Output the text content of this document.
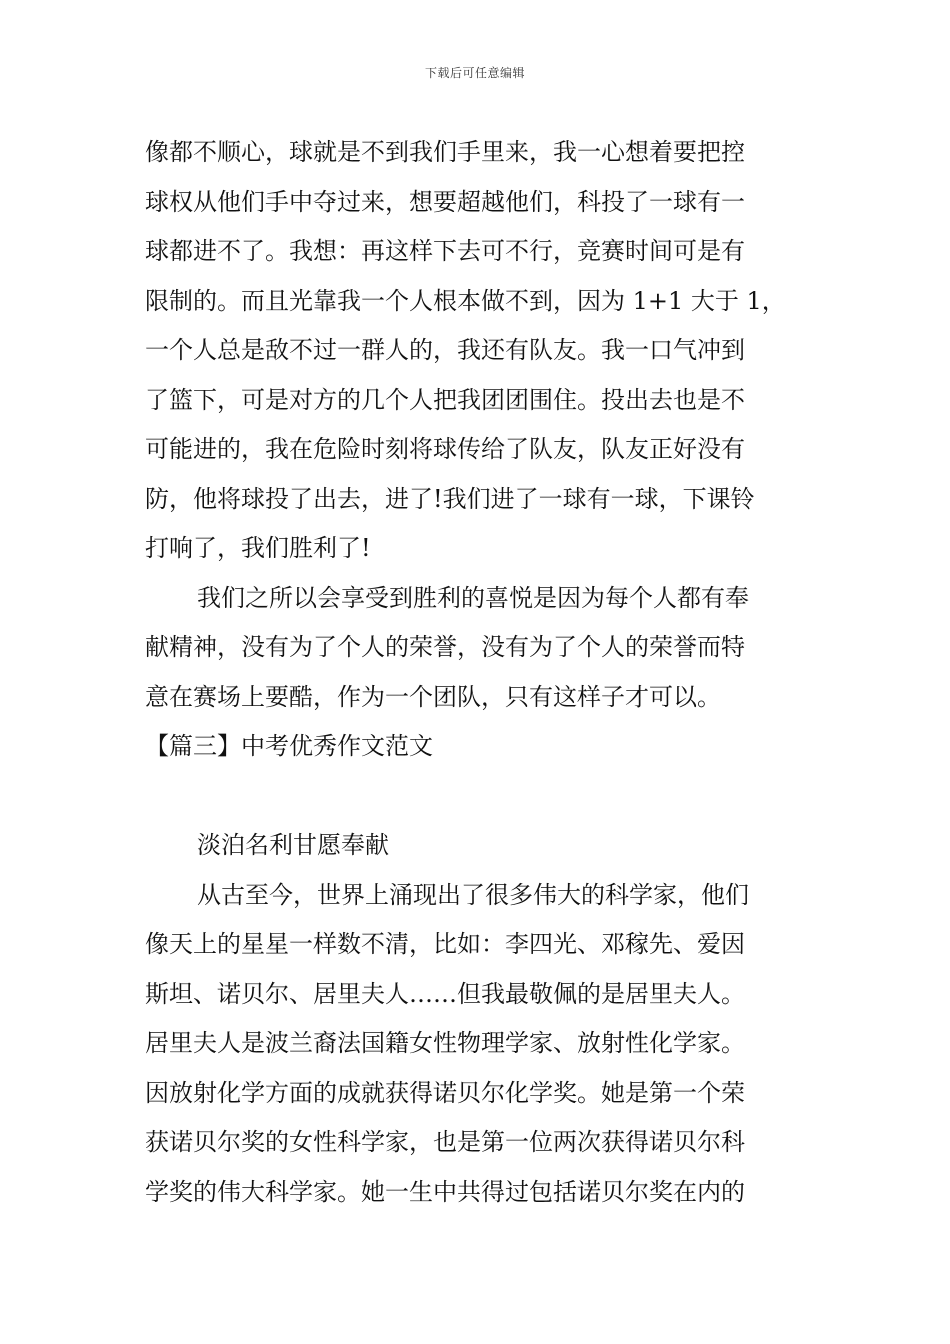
下载后可任意编辑
像都不顺心，球就是不到我们手里来，我一心想着要把控
球权从他们手中夺过来，想要超越他们，科投了一球有一
球都进不了。我想：再这样下去可不行，竞赛时间可是有
限制的。而且光靠我一个人根本做不到，因为 1+1 大于 1，
一个人总是敌不过一群人的，我还有队友。我一口气冲到
了篮下，可是对方的几个人把我团团围住。投出去也是不
可能进的，我在危险时刻将球传给了队友，队友正好没有
防，他将球投了出去，进了!我们进了一球有一球，下课铃
打响了，我们胜利了!
我们之所以会享受到胜利的喜悦是因为每个人都有奉
献精神，没有为了个人的荣誉，没有为了个人的荣誉而特
意在赛场上要酷，作为一个团队，只有这样子才可以。
【篇三】中考优秀作文范文
淡泊名利甘愿奉献
从古至今，世界上涌现出了很多伟大的科学家，他们
像天上的星星一样数不清，比如：李四光、邓稼先、爱因
斯坦、诺贝尔、居里夫人……但我最敬佩的是居里夫人。
居里夫人是波兰裔法国籍女性物理学家、放射性化学家。
因放射化学方面的成就获得诺贝尔化学奖。她是第一个荣
获诺贝尔奖的女性科学家，也是第一位两次获得诺贝尔科
学奖的伟大科学家。她一生中共得过包括诺贝尔奖在内的
